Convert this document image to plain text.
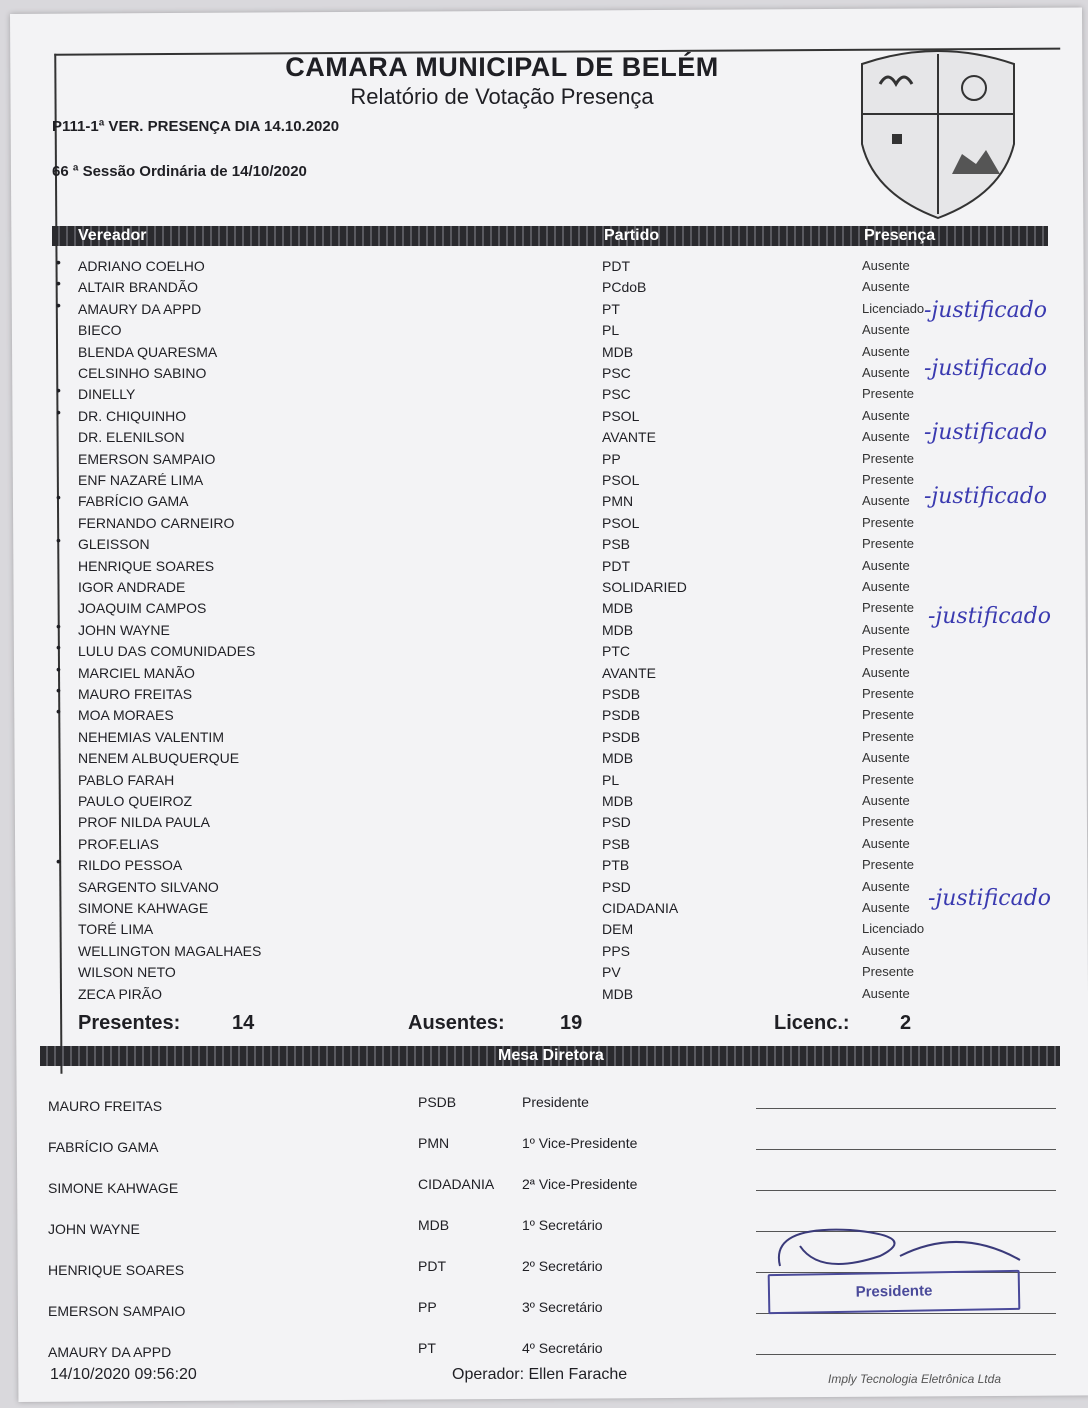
CAMARA MUNICIPAL DE BELÉM
Relatório de Votação Presença
P111-1ª VER. PRESENÇA DIA 14.10.2020
66 ª Sessão Ordinária de 14/10/2020
Vereador	Partido	Presença
• ADRIANO COELHO	PDT	Ausente
• ALTAIR BRANDÃO	PCdoB	Ausente
• AMAURY DA APPD	PT	Licenciado
BIECO	PL	Ausente
BLENDA QUARESMA	MDB	Ausente
CELSINHO SABINO	PSC	Ausente
• DINELLY	PSC	Presente
• DR. CHIQUINHO	PSOL	Ausente
DR. ELENILSON	AVANTE	Ausente
EMERSON SAMPAIO	PP	Presente
ENF NAZARÉ LIMA	PSOL	Presente
• FABRÍCIO GAMA	PMN	Ausente
FERNANDO CARNEIRO	PSOL	Presente
• GLEISSON	PSB	Presente
HENRIQUE SOARES	PDT	Ausente
IGOR ANDRADE	SOLIDARIED	Ausente
JOAQUIM CAMPOS	MDB	Presente
• JOHN WAYNE	MDB	Ausente
• LULU DAS COMUNIDADES	PTC	Presente
• MARCIEL MANÃO	AVANTE	Ausente
• MAURO FREITAS	PSDB	Presente
• MOA MORAES	PSDB	Presente
NEHEMIAS VALENTIM	PSDB	Presente
NENEM ALBUQUERQUE	MDB	Ausente
PABLO FARAH	PL	Presente
PAULO QUEIROZ	MDB	Ausente
PROF NILDA PAULA	PSD	Presente
PROF.ELIAS	PSB	Ausente
• RILDO PESSOA	PTB	Presente
SARGENTO SILVANO	PSD	Ausente
SIMONE KAHWAGE	CIDADANIA	Ausente
TORÉ LIMA	DEM	Licenciado
WELLINGTON MAGALHAES	PPS	Ausente
WILSON NETO	PV	Presente
ZECA PIRÃO	MDB	Ausente
-justificado
-justificado
-justificado
-justificado
-justificado
-justificado
Presentes:	14	Ausentes:	19	Licenc.:	2
Mesa Diretora
MAURO FREITAS	PSDB	Presidente
FABRÍCIO GAMA	PMN	1º Vice-Presidente
SIMONE KAHWAGE	CIDADANIA 2ª Vice-Presidente
JOHN WAYNE	MDB	1º Secretário
HENRIQUE SOARES	PDT	2º Secretário
EMERSON SAMPAIO	PP	3º Secretário
AMAURY DA APPD	PT	4º Secretário
Presidente
14/10/2020 09:56:20	Operador: Ellen Farache	Imply Tecnologia Eletrônica Ltda
